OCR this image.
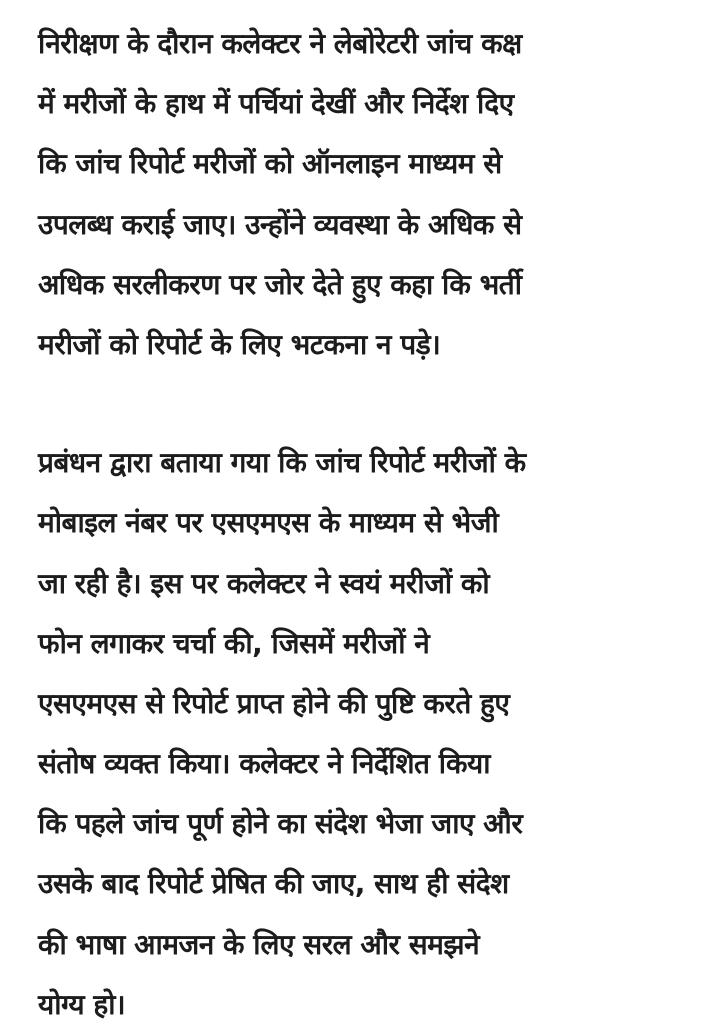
निरीक्षण के दौरान कलेक्टर ने लेबोरेटरी जांच कक्ष
में मरीजों के हाथ में पर्चियां देखीं और निर्देश दिए
कि जांच रिपोर्ट मरीजों को ऑनलाइन माध्यम से
उपलब्ध कराई जाए। उन्होंने व्यवस्था के अधिक से
अधिक सरलीकरण पर जोर देते हुए कहा कि भर्ती
मरीजों को रिपोर्ट के लिए भटकना न पड़े।
प्रबंधन द्वारा बताया गया कि जांच रिपोर्ट मरीजों के
मोबाइल नंबर पर एसएमएस के माध्यम से भेजी
जा रही है। इस पर कलेक्टर ने स्वयं मरीजों को
फोन लगाकर चर्चा की, जिसमें मरीजों ने
एसएमएस से रिपोर्ट प्राप्त होने की पुष्टि करते हुए
संतोष व्यक्त किया। कलेक्टर ने निर्देशित किया
कि पहले जांच पूर्ण होने का संदेश भेजा जाए और
उसके बाद रिपोर्ट प्रेषित की जाए, साथ ही संदेश
की भाषा आमजन के लिए सरल और समझने
योग्य हो।
